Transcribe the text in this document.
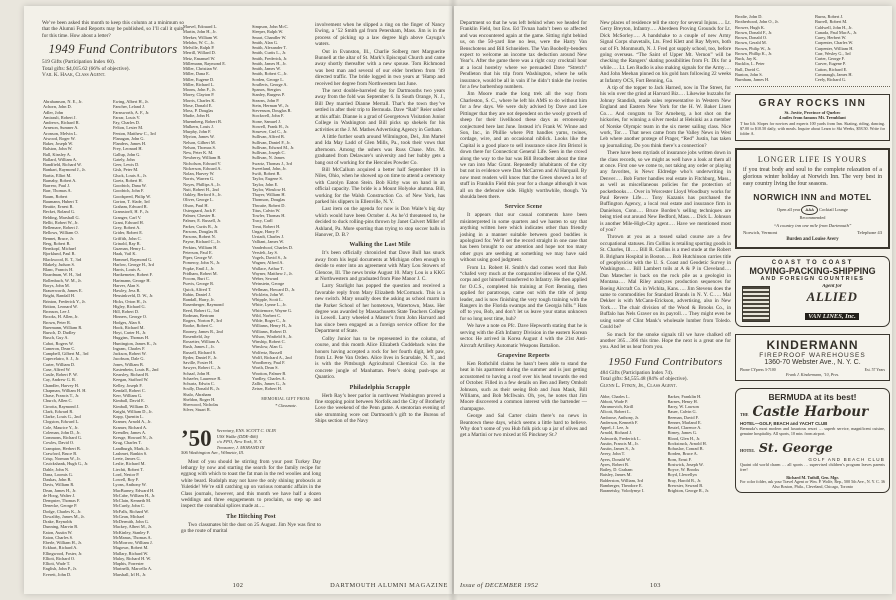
We’ve been asked this month to keep this column at a minimum so that the Alumni Fund Reports may be published, so I’ll call it quits for this time. How about a letter?
1949 Fund Contributors
519 Gifts (Participation Index 60).
Total gifts: $4,015.62 (66% of objective).
Vail K. Haak, Class Agent.
Abrahamson, N. E., Jr.
Achorn, John D.
Adler, John
Amirault, Robert J.
Andrews, Richard R.
Arneson, Sumner A.
Aronson, Melvin L.
Atwood, Roger W.
Baker, Joseph W.
Balston, John W.
Ball, Kinsley A.
Ballard, William A.
Bandfield, Richard W.
Bankart, Raymond J., Jr.
Barita, Elliot M.
Barnaby, Robert A.
Barrero, Paul J.
Barr, Thomas A.
Baum, Robert
Baumann, Hubert T.
Beattie, Ernest R.
Becket, Roland G.
Belding, Marshall G.
Bellit, Robert W., Jr.
Bellemare, Robert J.
Bellows, William O.
Bennet, Bruce, Jr.
Berg, Robert B.
Bernkopf, Michael
Bjorklund, Paul R.
Blackwood, R. T., 3rd
Blakely, Judson S.
Blanc, Francis H.
Boardman, W. H., 3rd
Bollenbach, W. M., Jr.
Borys, John M.
Brauerworth, James E.
Bright, Randall H.
Brinton, Frederick Y., Jr.
Britton, Leonard W.
Bronson, Lee J.
Brooks, H. Allen, Jr.
Brown, Peter R.
Buermann, William R.
Bursch, D. Dudley
Busch, Guy A.
Cabot, Rogers W.
Cameron, Dean C.
Campbell, Gilbert M., 3rd
Capecelatro, S. J., Jr.
Carter, William D.
Case, Alfred W.
Castle, Robert P. W.
Cay, Andrew G. R.
Chandler, Harvey H.
Chapman, William H. H.
Chase, Francis T., Jr.
Church, Allen C.
Cirrotta, Raymond J.
Clark, Edward R.
Clarke, Louis G., 2nd
Clogston, Edward L.
Cole, Maurice Y., Jr.
Coleman, John D., Jr.
Commons, Richard G.
Cowles, David O.
Crampton, Herbert B.
Crawford, Bruce B.
Crisp, Norman W., Jr.
Cruickshank, Hugh G., Jr.
Dahle, John N.
Dana, Loomis G.
Daukas, John B.
Davis, William R.
Dean, James H., Jr.
de Hoog, Walter J.
Dempster, Thomas F.
Denecke, George P.
Dodge, Charles K., Jr.
Dowaliby, James M., Jr.
Drake, Reynolds
Dunning, Marvin B.
Eaton, Austin W.
Eaton, Charles S.
Eberle, William H., Jr.
Eckhart, Richard A.
Ellingwood, Foster, Jr.
Elliott, Richard O.
Elliott, Wade T.
English, John P., Jr.
Everett, John D.
Ewing, Albert H., Jr.
Fancher, Leland J.
Farnsworth, A. F., Jr.
Farrar, Louis V.
Fay, Charles D.
Felton, Lester M.
Fenton, Matthew C., 3rd
Flanagan, John G.
Flanders, James H.
Frey, Leonard H.
Gallup, John G.
Gately, John
Geer, Lewis D.
Gish, Peter M.
Gluck, Louis A., Jr.
Goetz, Robert H.
Goodrich, Dana W.
Goodrich, John F.
Goodspeed, Philip W.
Gorton, T. Slade, 3rd
Graham, Edward R.
Gramstorff, H. F., Jr.
Granger, Carl V.
Grant, Edward H.
Grey, Robert A.
Grider, Robert E.
Griffith, John C.
Grinold, Ray R.
Guzman, Henry L.
Haak, Vail K.
Hammel, Raymond G.
Harlow, George H., 3rd
Harris, Louis A.
Hartkemeier, Robert F.
Hartmann, George H.
Harver, Alan S.
Hawley, Jess B.
Heusinkveld, D. W., Jr.
Hicks, Orton H., Jr.
Higley, Richard G.
Hill, Robert D.
Hinners, George O.
Hodges, Alan S.
Hook, Richard M.
Hoyt, Carter H., Jr.
Huggins, Thomas H.
Huntington, James K., Jr.
Ingram, Charles F.
Jackson, Robert W.
Jacobson, Dale G.
Jones, William B.
Kastenbein, Louis B., 2nd
Kearsley, Richard B.
Keegan, Stafford W.
Kelley, Joseph F.
Kendall, Robert C.
Kerr, William G.
Kimball, David E.
Kimball, William D.
Knight, William D., Jr.
Kopp, Quentin L.
Kramer, Arnold A., Jr.
Kramer, Richard A.
Krendler, James A.
Kresge, Howard N., Jr.
Krug, Charles T.
Landburgh, Mark, Jr.
Lashmet, Rankin S.
Leete, James G.
Leslie, Richard M.
Liechti, Robert T.
Lord, Nestor P.
Lowell, Roy F.
Lyons, Anthony W.
MacBurney, Edward H.
McCabe, William H., Jr.
McClain, Kenneth M.
McCurdy, John C.
McFalls, Richard W.
McGean, Michael
McDermith, John G.
Mackey, Albert M., Jr.
McKinley, Stanley F.
McManus, Thomas A.
McMorrow, William J.
Magown, Robert M.
Mallary, Richard W.
Maloy, Richard H. W.
Maphis, Forrester
Marinelli, Marcello A.
Marshall, Irl H., Jr.
Marvel, Edouard L.
Martin, John H., Jr.
Meeker, William W.
Melohn, W. C., Jr.
Melville, Ralph P.
Merrill, Willard D.
Metz, Emanuel W.
Millemann, Raymond E.
Miller, Christian W.
Miller, Dana E.
Miller, Eugene D.
Miller, Richard L.
Moons, John F., Jr.
Morey, Clayton P.
Morris, Charles K.
Mose, Donald E.
Moss, P. Douglas
Mudie, John H.
Muennberg, Robert B.
Mulkern, Louis J.
Murphy, John F.
Myrton, James W.
Nelson, Gilbert M.
Nelson, Thomas S.
New, Peter K. M.
Newberry, William B.
Nicholson, Edward V.
Nickerson, Edward A.
Nolan, Harvey W.
Norris, Warren G.
Noyes, Phillips A., Jr.
Nutt, Robert H., 2nd
Oakley, Berford S., Jr.
Oliver, George L.
Olson, Paul H.
Ostergaard, Jack F.
Palmer, Chester R.
Palmer, E. Russell, Jr.
Parker, Curtis R., Jr.
Parsons, Douglas B.
Parsons, Robert N.
Payne, Richard C., Jr.
Perkins, William H.
Peterson, Paul E.
Piper, George W.
Pomeroy, John N., Jr.
Popke, Emil J., Jr.
Pridham, Robert M.
Pocom, Burt C.
Purvis, George R.
Quick, Alfred T.
Rabin, Daniel J.
Randall, Harry, Jr.
Rasenberger, Raymond
Reed, Robert G., 3rd
Rodman, Bertram
Rogers, Norton P., 3rd
Rooke, Robert C.
Rooney, James R., 2nd
Rosenfield, Jay
Rossetter, William A.
Rush, James J., Jr.
Russell, Richard S.
Ryder, Daniel F., Jr.
Saville, Foster H.
Sawyer, Robert C., Jr.
Schaaf, John H.
Schaefer, Laurence R.
Schurtz, Edwin C.
Scully, Donald B., Jr.
Shalo, Abraham
Sheldon, Roger H.
Sherwood, Nicholas
Silver, Stuart R.
Simpson, John McC.
Sleeper, Ralph W.
Smart, Chandler W.
Smith, Alan G.
Smith, Alexander T.
Smith, Curtis L., Jr.
Smith, Frederick, Jr.
Smith, James H., Jr.
Smith, James W.
Smith, Robert C., Jr.
Sorden, George L.
Soufleris, George A.
Spanos, Stergios
Stanley, Burgess P.
Stearns, John P.
Stein, Herman W., Jr.
Stevenson, Douglas R.
Stockwell, John F.
Stone, Samuel J.
Stowell, Frank H., Jr.
Struever, Carl C., Jr.
Sullivan, Alfred B.
Sullivan, Daniel F., Jr.
Sullivan, Edward M., Jr.
Sullivan, Joseph C.
Sullivan, N. James
Swartz, Thomas J., 3rd
Sweetland, John, Jr.
Swift, Robert B.
Taylor, Eugene S.
Taylor, John E.
Taylor, Winslow H.
Thayer, William H.
Thomson, Douglas
Thwaite, Robert D.
Titus, Calvin W.
Towler, Thomas H.
Tracy, Carll
Treat, Robert H.
Ungar, Harry F.
Urstadt, Charles J.
Valliant, James W.
Vanderhoof, Charles D.
Versfelt, Jay S.
Vogels, David S., Jr.
Wagner, Alfred A.
Wallace, Arthur T.
Wayner, Matthew J., Jr.
Weber, Seward
Weinstein, George
Wellman, Howard D., Jr.
Wicklein, John W.
Whipple, Scott L.
White, Lynne L., Jr.
Whittemore, Wayne G.
Wild, Norbert C.
Wilde, Roger C., Jr.
Williams, Henry H., Jr.
Williams, Robert D.
Wilson, Winfield S., Jr.
Winship, Robert C.
Winslow, Alan G.
Wolfertz, Russell
Wolff, Richard A., 2nd
Woodberry, Paul F.
Worth, Dean S.
Wootton, Palmer B.
Yardley, Charles A.
Zallis, James G., Jr.
Zeiser, Robert H.
MEMORIAL GIFT FROM:
* Classmate.
’50 Secretary, ENS. SCOTT C. OLIN
USS Walke (DDE-466)
c/o FPO, New York, N. Y.
Treasurer, J. MORAND III
506 Washington Ave., Wilmette, Ill.
Most of you should be stirring from your post Turkey Day lethargy by now and starting the search for the family recipe for eggnog with which to toast the fat man in the red woolies and long white beard. Rudolph may not have the only shining proboscis at Yuletide! We’re still catching up on various romantic affairs in the Class journals, however, and this month we have half a dozen weddings and three engagements to proclaim, so step up and inspect the connubial splices made at….
The Hitching Post
Two classmates bit the dust on 25 August. Jim Nye was first to go the route of marital
involvement when he slipped a ring on the finger of Nancy Ewing, a ’52 Smith gal from Petersham, Mass. Jim is in the process of picking up a law degree high above Cayuga’s waters.
Out in Evanston, Ill., Charlie Solberg met Marguerite Bunnell at the altar of St. Mark’s Episcopal Church and came away shortly thereafter with a new spouse. Tom Richmond was best man and several of our elder brethren from ’49 directed traffic. The bride logged in two years at ’Hamp and received her degree from Northwestern last June.
The next double-barreled day for Dartmouths two years away from the fold was September 6. In South Orange, N. J., Bill Dey married Dianne Merrall. That’s the town they’ve settled in after their trip to Bermuda. Dave “Rab” Reier ushed at this affair. Dianne is a grad of Georgetown Visitation Junior College in Washington and Bill picks up shekels for his activities at the J. M. Mathes Advertising Agency in Gotham.
A little further south around Wilmington, Del., Jim Martel and Ida May Ladd of Glen Mills, Pa., took their vows that afternoon. Among the ushers was Russ Chase. Mrs. M. graduated from Delaware’s university and her hubby gets a bang out of working for the Hercules Powder Co.
Bill McCallum acquired a better half September 19 in Niles, Ohio, when he showed up on time to attend a ceremony with Carolyn Eaton Stein. Bob Kirby was on hand in an official capacity. The bride is a Mount Holyoke alumna. Bill, working for the Walsh Construction Co. of New York, has parked his slippers in Ellenville, N. Y.
Last item on the agenda for now is Don Waite’s big day which would have been October 4. As he’d threatened to, he decided to duck rolling-pins thrown by Janet Calvert Miller of Ashland, Pa. More sporting than trying to stop soccer balls in Hanover, D. B.?
Walking the Last Mile
It’s been officially chronicled that Dave Bull has snuck away from his legal documents at Michigan often enough to decide to enter into an agreement with Mary Lou Stowers of Glencoe, Ill. The news broke August 10. Mary Lou is a KKG at Northwestern and graduated from Pine Manor J. C.
Larry Starlight has popped the question and received a favorable reply from Mary Elizabeth McCormack. This is a new switch. Mary usually does the asking as school marm in the Parker School of her hometown, Watertown, Mass. Her degree was awarded by Massachusetts State Teachers College in Lowell. Larry wheeled a Master’s from John Harvard and has since been engaged as a foreign service officer for the Department of State.
Colby Junior has to be represented in the column, of course, and this month Alice Elizabeth Cuddeback wins the honors having accepted a rock for her fourth digit, left paw, from Lt. Pete Van Orden. Alice lives in Scarsdale, N. Y., and is with the Pittsburgh Agricultural Chemical Co. in the concrete jungle of Manhattan. Pete’s doing push-ups at Quantico.
Philadelphia Scrapple
Herb Ray’s beer parlor in northwest Washington proved a fine stopping point between Norfolk and the City of Brotherly Love the weekend of the Penn game. A stentorian evening of uke strumming wore out Dartmouth’s gift to the Bureau of Ships section of the Navy
102	DARTMOUTH ALUMNI MAGAZINE
Department so that he was left behind when we headed for Franklin Field, but Ens. Ed Tivnan hadn’t been so affected and was encountered again at the game. Sitting right behind us, on the 50-yard line no less, were the Harry Van Benschotens and Bill Schneiders. The Van Boobelly-benders expect to welcome an income tax deduction around New Year’s. After the game there was a right cozy crocktail hour at a local hostelry where we persuaded Dave “Stretch” Pendleton that his trip from Washington, where he sells insurance, would be all in vain if he didn’t tinkle the ivories for a few barbershop numbers.
Jim Moore made the long trek all the way from Charleston, S. C., where he left his AMS to do without him for a few days. We were duly advised by Dave and Lee Pittinger that they are not dependent on the wooly growth of sheep for their livelihood these days as erroneously conjectured here last June. Instead it’s Frank W. Winne and Son, Inc., in Phillie where Pitt handles yarns, twines, cordage, wire, and an occasional niblick. Looks like the Capital is a good place to sell insurance since Jim Bristol is down there for Connecticut General Life. Seen in the crowd along the way to the bar was Bill Broadbent about the time we ran into Mac Grant. Repeatedly inhabitants of the city but not in evidence were Dan McCarren and Al Harquail. By now most readers will know that the Green showed a lot of stuff in Franklin Field this year for a change although it was all on the defensive side. Highly worthwhile, though. Ya shoulda been there.
Service Scene
It appears that our casual comments have been misinterpreted in some quarters and we hasten to say that anything written here which indicates other than friendly joshing in a manner suitable between good buddies is apologized for. We’ll set the record straight in one case that has been brought to our attention and hope not too many other guys are seething at something we may have said without using good judgment.
From Lt. Robert H. Smith’s dad comes word that Bob “chafed very much at the comparative idleness of the Q.M. corps and got himself transferred to Infantry. He then applied for O.C.S., completed his training at Fort Benning, then applied for paratroops, came out with the title of jump leader, and is now finishing the very tough training with the Rangers in the Florida swamps and the Georgia hills.” Hats off to you, Bob, and don’t let us leave your status unknown for so long next time, huh?
We have a note on Pfc. Dave Hepworth stating that he is serving with the 45th Infantry Division in the eastern Korean sector. He arrived in Korea August 4 with the 21st Anti-Aircraft Artillery Automatic Weapons Battalion.
Grapevine Reports
Ken Rothchild claims he hasn’t been able to stand the heat in his apartment during the summer and is just getting accustomed to having a roof over his head towards the end of October. Filled in a few details on Ben and Betty Omholt Johnson, such as their seeing Bob and Joan Mauk, Bill Williams, and Bob McIlwain. Oh, yes, he notes that Jim Moore discovered a common interest with the bartender — champagne.
George and Sal Carter claim there’s no news in Beantown these days, which seems a little hard to believe. Why don’t some of you Hub folk pick up a jar of olives and get a Martini or two mixed at 85 Pinckney St.?
New places of residence tell the story for several Injuns…. Lt. Gerry Breyton, Infantry…. Aberdeen Proving Grounds for Lt. Dick McSorley…. A handshake to a couple of new Army Signal Corps shavetails, Lts. Fred Klett and Ray Myers, both out of Ft. Monmouth, N. J. Fred got supply school, too, before going overseas. “The Saint of Upper Mt. Vernon” will be checking the Rangers’ skating possibilities from Ft. Dix for a while…. Lt. Len Rudlo is also making signals for the Army…. And John Meehan pinned on his gold bars following 22 weeks at Infantry OCS, Fort Benning, Ga.
A tip of the topper to Jack Harned, now in The Street, for his win over the grind at Harvard Biz…. Likewise huzzahs for Johnny Standish, made sales representative in Western New England and Eastern New York for the H. W. Baker Linen Co…. And congrats to Tor Arneberg, a hot shot on the hickories, for winning a silver medal at Helsinki as a member of Norske Olympic team in the six meter sailing class. Nice work, Tor…. That news came from the Valley News in West Leb where another protege of Prager, “Red” Justin, has taken up journalizing. Do you think there’s a connection?
There have been myriads of insurance jobs written down in the class records, so we might as well have a look at them all at once. First one we come to, not taking any order or playing any favorites, is Newc Eldredge who’s underwriting in Denver…. Bob Forter handles real estate in Fitchburg, Mass., as well as miscellaneous policies for the protection of pocketbooks…. Over in Worcester Lloyd Woodbury works for Paul Revere Life…. Tony Kazanis has purchased the Buffington Agency, a local real estate and insurance firm in Danielson, Conn…. Bruce Borden’s selling techniques are being tried out around New Bedford, Mass…. Dick L. Johnson is another Mile-High-City agent…. Have we mentioned most of you?
Thrown at you as a tossed salad course are a few occupational statuses. Jim Collins is retailing sporting goods in St. Charles, Ill….. Bill R. Collins is a med stude at the Robert B. Brigham Hospital in Boston…. Bob Hutchinson carries title of geophysicist with the U. S. Coast and Geodetic Survey in Washington…. Bill Lambert toils at A & P in Cleveland…. Dan Matecher is back on the rock pile as a geologist in Montana…. Mal Riley analyzes production sequences for Boeing Aircraft Co. in Wichita, Kans….. Jim Stevens does the same to commodities for Standard Brands in N. Y. C….. Mal Dekker is with McCann-Erickson, advertising, also in New York…. The chair division of the Wood & Brooks Co., in Buffalo has Nels Graver on its payroll…. They might even be using some of Clint Mank’s wholesale lumber from Toledo. Could be?
So much for the smoke signals till we have chalked off another 365…366 this time. Hope the next is a great one for you. And let us hear from you.
1950 Fund Contributors
484 Gifts (Participation Index 74).
Total gifts: $4,555.48 (84% of objective).
Glenn L. Fitkin, Jr., Class Agent.
Abbe, Charles L.
Abbott, Wade P.
Abramovich, Kirill
Allcott, Robert L.
Ambrose, Anthony, Jr.
Anderson, Kenneth F.
Appel, J. Lee, Jr.
Arnold, Richard J.
Ashworth, Frederick L.
Austin, Francis M., Jr.
Austin, James S., Jr.
Avery, John T.
Ayers, Donald W.
Ayres, Robert B.
Bailey, D. Graham
Baisley, James M.
Balderston, William, 3rd
Bamberger, Theodore E.
Baranetsky, Volodymyr I.
Barker, Franklin H.
Barnes, Henry H.
Barry, W. Lawson
Bauer, Calvin G.
Beeman, David F.
Benner, Marland E.
Beutel, Clarence A.
Birney, James G.
Blood, Glen H., Jr.
Bockstruck, Arnold H.
Bohuslav, Conrad B.
Borden, Bruce A.
Born, Ernst F.
Bostwick, Joseph W.
Boyce, W. Brooks
Boyd, Llewellyn
Bray, Harold B., Jr.
Brewster, Seward B.
Brighton, George R., Jr.
Brodie, John D.
Brotherhood, John O., Jr.
Brower, Hugh K.
Brown, Donald F., Jr.
Brown, Donald O.
Brown, Gerald M.
Brown, Philip W., Jr.
Brown, Phillip K., Jr.
Buck, Jay K.
Bucklin, L. Peter
Bull, David C.
Bunton, John S.
Burnham, James H.
Burns, Robert J.
Burrell, Robert M.
Caldwell, John H., Jr.
Canada, Paul MacA., Jr.
Carey, Herbert W.
Carpenter, Charles W.
Carpenter, William H.
Carr, Wesley G., 3rd
Carter, George F.
Carver, Eugene P.
Catton, Richard E.
Cavanaugh, James H.
Ceely, Richard G.
GRAY ROCKS INN
St. Jovite, Province of Quebec
4 miles from famous Mt. Tremblant
T bar lift. Slopes for novices and experts 100 yards from Inn. Skating, riding, dancing. $7.00 to $10.50 daily, with meals. Inquire about Learn to Ski Weeks, $58.50. Write for folder A.
LONGER LIFE IS YOURS
if you treat body and soul to the complete relaxation of a glorious winter holiday at Norwich Inn. The very best in easy country living the four seasons.
NORWICH INN and MOTEL
Open all year AAA Cocktail Lounge
Recommended
“A country inn one mile from Dartmouth”
Norwich, Vermont	Telephone 43
Burden and Louise Avery
COAST TO COAST
MOVING-PACKING-SHIPPING
AND FOREIGN COUNTRIES
Agent for
ALLIED
VAN LINES, Inc.
KINDERMANN
FIREPROOF WAREHOUSES
1360-70 Webster Ave., N. Y. C.
Phone CYpress 3-7100	Est. 57 Years
Frank J. Kindermann, ’10, Pres.
BERMUDA at its best!
THE Castle Harbour
HOTEL—GOLF, BEACH and YACHT CLUB
Bermuda’s most modern and luxurious resort … superb service, magnificent cuisine, genuine hospitality. All sports, 10 min. from airport.
HOTEL St. George
GOLF AND BEACH CLUB
Quaint old world charm … all sports … supervised children’s program leaves parents free!
Richard M. Tuthill, Gen. Mgr.
For color folder, ask your Travel Agent or Wm. P. Wolfe, Rep., 500 5th Ave., N. Y. C. 36
Also Boston, Phila., Cleveland, Chicago, Toronto
Issue of DECEMBER 1952	103
